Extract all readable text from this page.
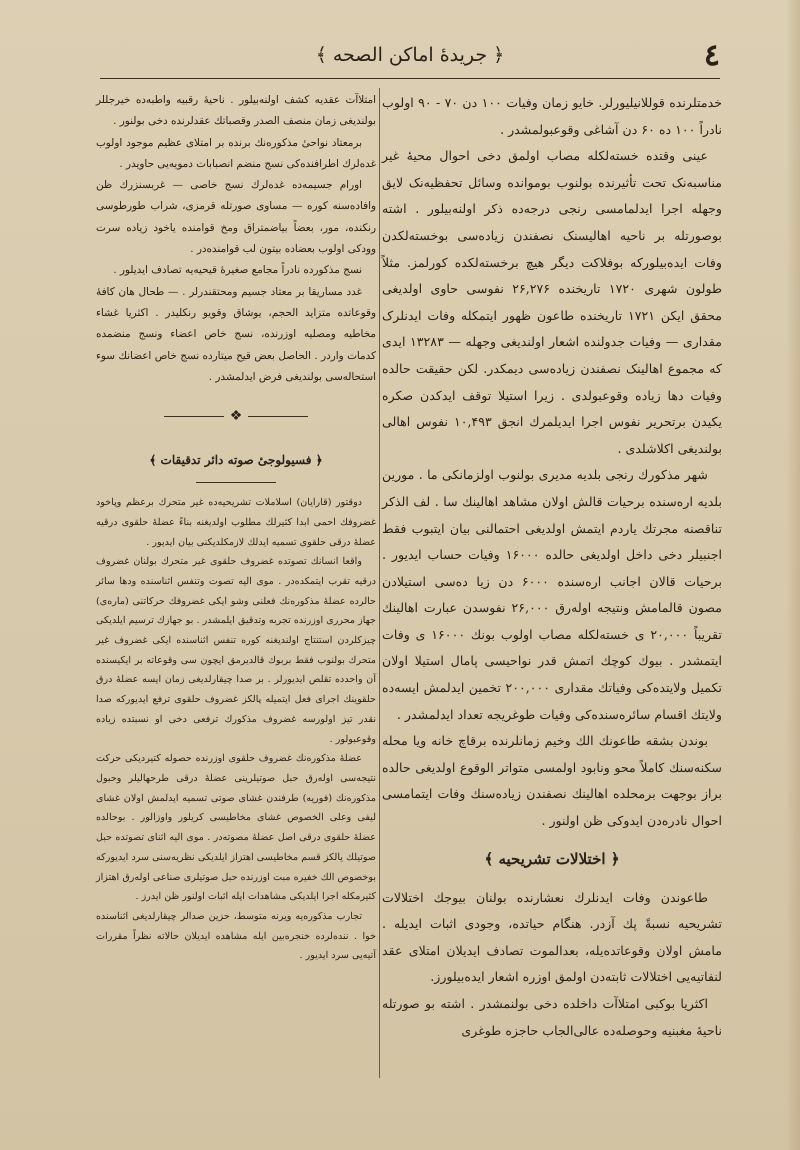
٤
﴿ جریدهٔ اماکن الصحه ﴾

خدمتلرنده قوللانیلیورلر. خایو زمان وفیات ۱۰۰ دن ۷۰ - ۹۰ اولوب نادراً ۱۰۰ ده ۶۰ دن آشاغی وقوعبولمشدر .

عینی وقتده خستەلکلە مصاب اولمق دخی احوال محیهٔ غیر مناسبەنک تحت تأثیرنده بولنوب بوموانده وسائل تحفظیەنک لایق وجهله اجرا ایدلمامسی رنجی درجەده ذکر اولنەبیلور . اشته بوصورتله بر ناحیه اهالیسنک نصفندن زیادەسی بوخستەلکدن وفات ایدەبیلورکه بوفلاکت دیگر هیچ برخستەلکده کورلمز. مثلاً طولون شهری ۱۷۲۰ تاریخنده ۲۶,۲۷۶ نفوسی حاوی اولدیغی محقق ایکن ۱۷۲۱ تاریخنده طاعون ظهور ایتمکله وفات ایدنلرک مقداری — وفیات جدولنده اشعار اولندیغی وجهله — ۱۳۲۸۳ ایدی که مجموع اهالینک نصفندن زیادەسی دیمکدر. لکن حقیقت حالده وفیات دها زیاده وقوعبولدی . زیرا استیلا توقف ایدکدن صکره یکیدن برتحریر نفوس اجرا ایدیلمرك انجق ۱۰,۴۹۳ نفوس اهالی بولندیغی اکلاشلدی .

شهر مذکورك رنجی بلدیه مدیری بولنوب اولزمانکی ما . مورین بلدیه ارەسنده برحیات قالش اولان مشاهد اهالینك سا . لف الذکر تناقصنه مجرتك یاردم ایتمش اولدیغی احتمالنی بیان ایتبوب فقط اجنبیلر دخی داخل اولدیغی حالده ۱۶۰۰۰ وفیات حساب ایدیور . برحیات قالان اجانب ارەسنده ۶۰۰۰ دن زیا دەسی استیلادن مصون قالمامش ونتیجه اولەرق ۲۶,۰۰۰ نفوسدن عبارت اهالینك تقریباً ۲۰,۰۰۰ ی خستەلکلە مصاب اولوب بونك ۱۶۰۰۰ ی وفات ایتمشدر . بیوك کوچك اتمش قدر نواحیسی پامال استیلا اولان تکمیل ولایتدەکی وفیاتك مقداری ۲۰۰,۰۰۰ تخمین ایدلمش ایسەده ولایتك اقسام سائرەسندەکی وفیات طوغریجه تعداد ایدلمشدر .

بوندن بشقه طاعونك الك وخیم زمانلرنده برقاچ خانه ویا محله سکنەسنك کاملاً محو ونابود اولمسی متواتر الوقوع اولدیغی حالده براز بوجهت برمحلده اهالینك نصفندن زیادەسنك وفات ایتمامسی احوال نادرەدن ایدوکی ظن اولنور .

﴿ اختلالات تشریحیه ﴾

طاعوندن وفات ایدنلرك نعشارنده بولنان بیوجك اختلالات تشریحیه نسبةً پك آزدر. هنگام حیاتده، وجودی اثبات ایدیلە . مامش اولان وقوعاتده‌یله، بعدالموت تصادف ایدیلان امتلای عقد لنفاتیه‌یی اختلالات ثابتەدن اولمق اوزره اشعار ایدەبیلورز.

اکثریا بوکبی امتلاآت داخلده دخی بولنمشدر . اشته بو صورتله ناحیهٔ مغبنیه وحوصلەده عالی‌الجاب حاجزه طوغری

امتلاآت عقدیه کشف اولنەبیلور . ناحیهٔ رقبیه واطبەده خیرجللر بولندیغی زمان منصف الصدر وقصباتك عقدلرنده دخی بولنور .

برمعتاد نواحیٔ مذکورەنك برنده بر امتلای عظیم موجود اولوب غدەلرك اطرافندەکی نسج منضم انصبابات دمویەیی حاویدر .

اورام جسیمەده غدەلرك نسج خاصی — غربسنزرك ظن وافادەسنه کوره — مساوی صورتله قرمزی، شراب طورطوسی رنکنده، مور، بعضاً بیاضمتراق ومخ قوامنده یاخود زیاده سرت وودکی اولوب بعضاده بیتون لب قوامندەدر .

نسج مذکورده نادراً مجامع صغیرهٔ قیحیه‌یه تصادف ایدیلور .

غدد مساریقا بر معتاد جسیم ومحتقندرلر . — طحال هان کافهٔ وقوعاتده متزاید الحجم، یوشاق وقویو رنکلیدر . اکثریا غشاء مخاطیه ومصلیه اوزرنده، نسج خاص اعضاء ونسج منضمده کدمات واردر . الحاصل بعض قیح میتارده نسج خاص اعضانك سوء استحالەسی بولندیغی فرض ایدلمشدر .

❖
﴿ فسیولوجیٔ صوته دائر تدقیقات ﴾

دوقتور (قارایان) اسلاملات تشریحیەده غیر متحرك برعظم وپاخود غضروفك احمی ابدا کثیرلك مطلوب اولدیغنه بناءً عضلهٔ حلقوی درقیه عضلهٔ درقی حلقوی تسمیه ایدلك لازمکلدیکنی بیان ایدیور .

واقعا انسانك تصوتده غضروف حلقوی غیر متحرك بولنان غضروف درقیه تقرب ایتمکدەدر . موی الیه تصوت وتنفس اثناسنده ودها سائر حالرده عضلهٔ مذکورەنك فعلنی وشو ایکی غضروفك حرکاتنی (مارەی) جهاز محرری اوزرنده تجربه وتدقیق ایلمشدر . بو جهازك ترسیم ایلدیکی چیزکلردن استنتاج اولندیغنه کوره تنفس اثناسنده ایکی غضروف غیر متحرك بولنوب فقط بربوك قالدیرمق ایچون سی وقوعاته بر ایکیسنده آن واحدده تقلص ایدیورلر . بر صدا چیقارلدیغی زمان ایسه عضلهٔ درق حلقوینك اجرای فعل ایتمیله پالکز غضروف حلقوی ترفع ایدیورکه صدا نقدر تیز اولورسه غضروف مذکورك ترفعی دخی او نسبتده زیاده وقوعبولور .

عضلهٔ مذکورەنك غضروف حلقوی اوزرنده حصوله کتیردیکی حرکت نتیجەسی اولەرق حبل صوتیلرینی عضلهٔ درقی طرحهالیلر وحبول مذکورەنك (فوریه) طرفندن غشای صوتی تسمیه ایدلمش اولان غشای لیفی وعلی الخصوص غشای مخاطیسی کریلور واوزالور . بوحالده عضلهٔ حلقوی درقی اصل عضلهٔ مصوتەدر . موی الیه اثنای تصوتده حبل صوتیلك یالکز قسم مخاطیسی اهتزاز ایلدیکی نظریەسنی سرد ایدیورکه بوخصوص الك خفیره مبت اوزرنده حبل صوتیلری صناعی اولەرق اهتزاز کثیرمکله اجرا ایلدیکی مشاهدات ایله اثبات اولنور ظن ایدرز .

تجارب مذکورەیه ویرنه متوسط، حزین صدالر چیقارلدیغی اثناسنده خوا . نندەلرده خنجرەبین ایله مشاهده ایدیلان حالاته نظراً مقررات آتیه‌یی سرد ایدیور .
